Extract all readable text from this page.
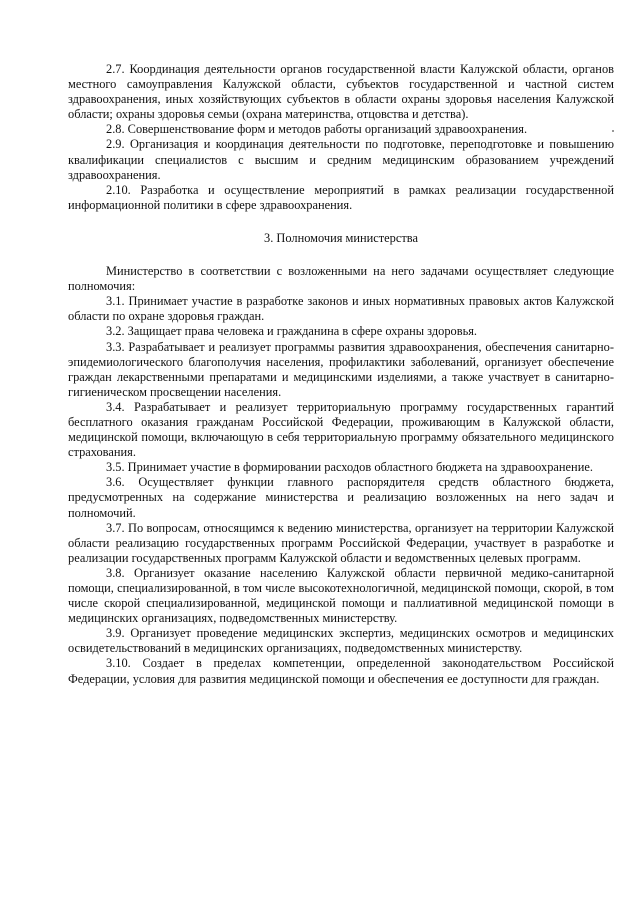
2.7. Координация деятельности органов государственной власти Калужской области, органов местного самоуправления Калужской области, субъектов государственной и частной систем здравоохранения, иных хозяйствующих субъектов в области охраны здоровья населения Калужской области; охраны здоровья семьи (охрана материнства, отцовства и детства).

2.8. Совершенствование форм и методов работы организаций здравоохранения.

2.9. Организация и координация деятельности по подготовке, переподготовке и повышению квалификации специалистов с высшим и средним медицинским образованием учреждений здравоохранения.

2.10. Разработка и осуществление мероприятий в рамках реализации государственной информационной политики в сфере здравоохранения.

3. Полномочия министерства

Министерство в соответствии с возложенными на него задачами осуществляет следующие полномочия:

3.1. Принимает участие в разработке законов и иных нормативных правовых актов Калужской области по охране здоровья граждан.

3.2. Защищает права человека и гражданина в сфере охраны здоровья.

3.3. Разрабатывает и реализует программы развития здравоохранения, обеспечения санитарно-эпидемиологического благополучия населения, профилактики заболеваний, организует обеспечение граждан лекарственными препаратами и медицинскими изделиями, а также участвует в санитарно-гигиеническом просвещении населения.

3.4. Разрабатывает и реализует территориальную программу государственных гарантий бесплатного оказания гражданам Российской Федерации, проживающим в Калужской области, медицинской помощи, включающую в себя территориальную программу обязательного медицинского страхования.

3.5. Принимает участие в формировании расходов областного бюджета на здравоохранение.

3.6. Осуществляет функции главного распорядителя средств областного бюджета, предусмотренных на содержание министерства и реализацию возложенных на него задач и полномочий.

3.7. По вопросам, относящимся к ведению министерства, организует на территории Калужской области реализацию государственных программ Российской Федерации, участвует в разработке и реализации государственных программ Калужской области и ведомственных целевых программ.

3.8. Организует оказание населению Калужской области первичной медико-санитарной помощи, специализированной, в том числе высокотехнологичной, медицинской помощи, скорой, в том числе скорой специализированной, медицинской помощи и паллиативной медицинской помощи в медицинских организациях, подведомственных министерству.

3.9. Организует проведение медицинских экспертиз, медицинских осмотров и медицинских освидетельствований в медицинских организациях, подведомственных министерству.

3.10. Создает в пределах компетенции, определенной законодательством Российской Федерации, условия для развития медицинской помощи и обеспечения ее доступности для граждан.
